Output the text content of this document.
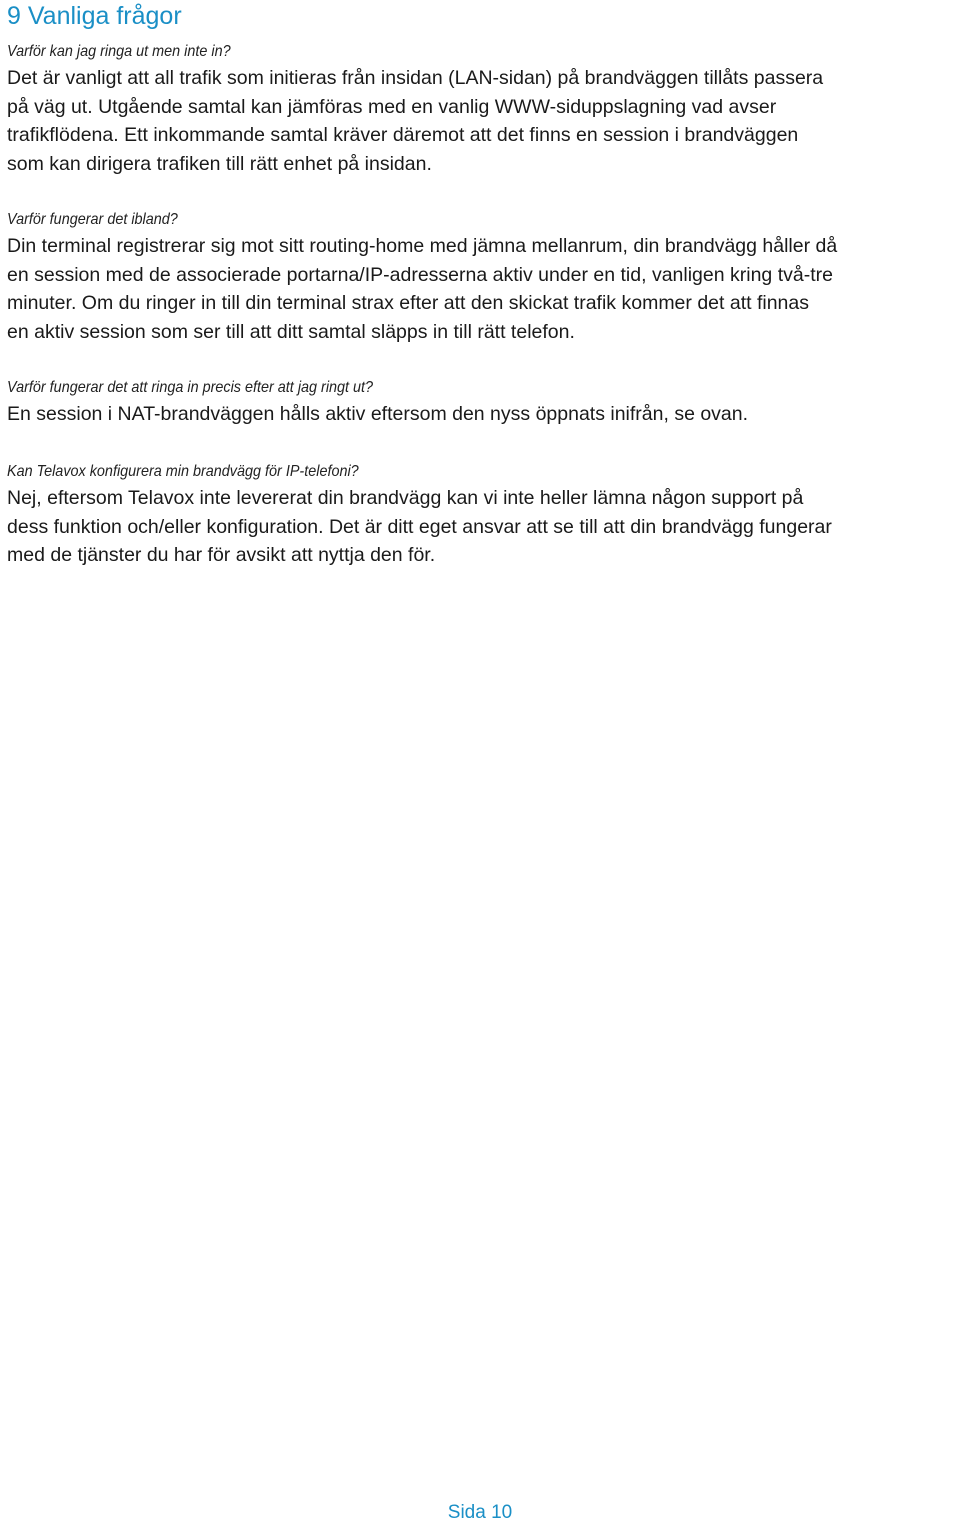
9 Vanliga frågor

Varför kan jag ringa ut men inte in?

Det är vanligt att all trafik som initieras från insidan (LAN-sidan) på brandväggen tillåts passera
på väg ut. Utgående samtal kan jämföras med en vanlig WWW-siduppslagning vad avser
trafikflödena. Ett inkommande samtal kräver däremot att det finns en session i brandväggen
som kan dirigera trafiken till rätt enhet på insidan.

Varför fungerar det ibland?

Din terminal registrerar sig mot sitt routing-home med jämna mellanrum, din brandvägg håller då
en session med de associerade portarna/IP-adresserna aktiv under en tid, vanligen kring två-tre
minuter. Om du ringer in till din terminal strax efter att den skickat trafik kommer det att finnas
en aktiv session som ser till att ditt samtal släpps in till rätt telefon.

Varför fungerar det att ringa in precis efter att jag ringt ut?

En session i NAT-brandväggen hålls aktiv eftersom den nyss öppnats inifrån, se ovan.

Kan Telavox konfigurera min brandvägg för IP-telefoni?

Nej, eftersom Telavox inte levererat din brandvägg kan vi inte heller lämna någon support på
dess funktion och/eller konfiguration. Det är ditt eget ansvar att se till att din brandvägg fungerar
med de tjänster du har för avsikt att nyttja den för.

Sida 10
